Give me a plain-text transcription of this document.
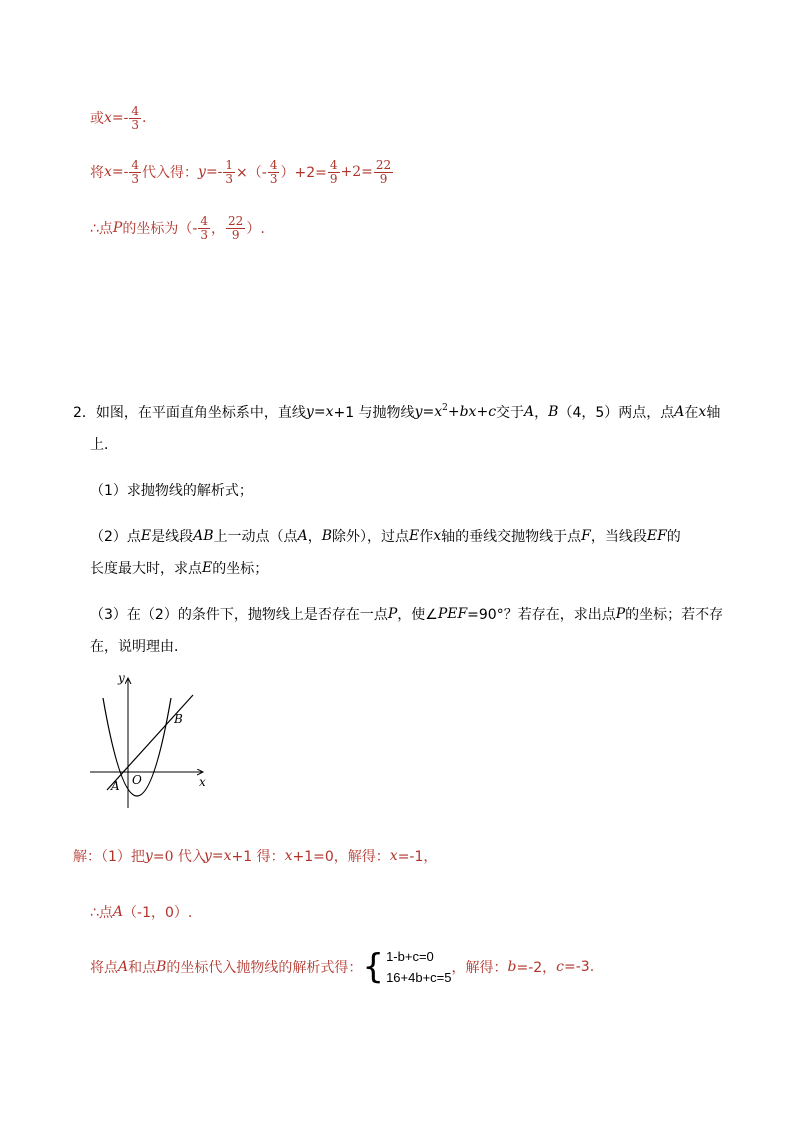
或 $x =- \frac{4}{3}$ .
将 $x =- \frac{4}{3}$ 代入得： $y =- \frac{1}{3}$ ×（- $\frac{4}{3} )+2= \frac{4}{9} +2= \frac{22}{9}$
∴点 P 的坐标为（- $\frac{4}{3}$ ， $\frac{22}{9}$ ）.
2．如图，在平面直角坐标系中，直线 y = x +1 与抛物线 $y = x^2$ + bx + c 交于 A ， B （4，5）两点，点 A 在 x 轴
上．
（1）求抛物线的解析式；
（2）点 E 是线段 AB 上一动点（点 A ， B 除外），过点 E 作 x 轴的垂线交抛物线于点 F ，当线段 EF 的
长度最大时，求点 E 的坐标；
（3）在（2）的条件下，抛物线上是否存在一点 P ，使∠ PEF =90°？若存在，求出点 P 的坐标；若不存
在，说明理由．
y
x
O
A
B
解：（1）把 y =0 代入
y = x +1 得： x +1=0，解得： x =-1，
∴点 A （-1，0）.
将点 A 和点 B 的坐标代入抛物线的解析式得： { 1-b+c=0
16+4b+c=5
，解得： b =-2， c =-3.
